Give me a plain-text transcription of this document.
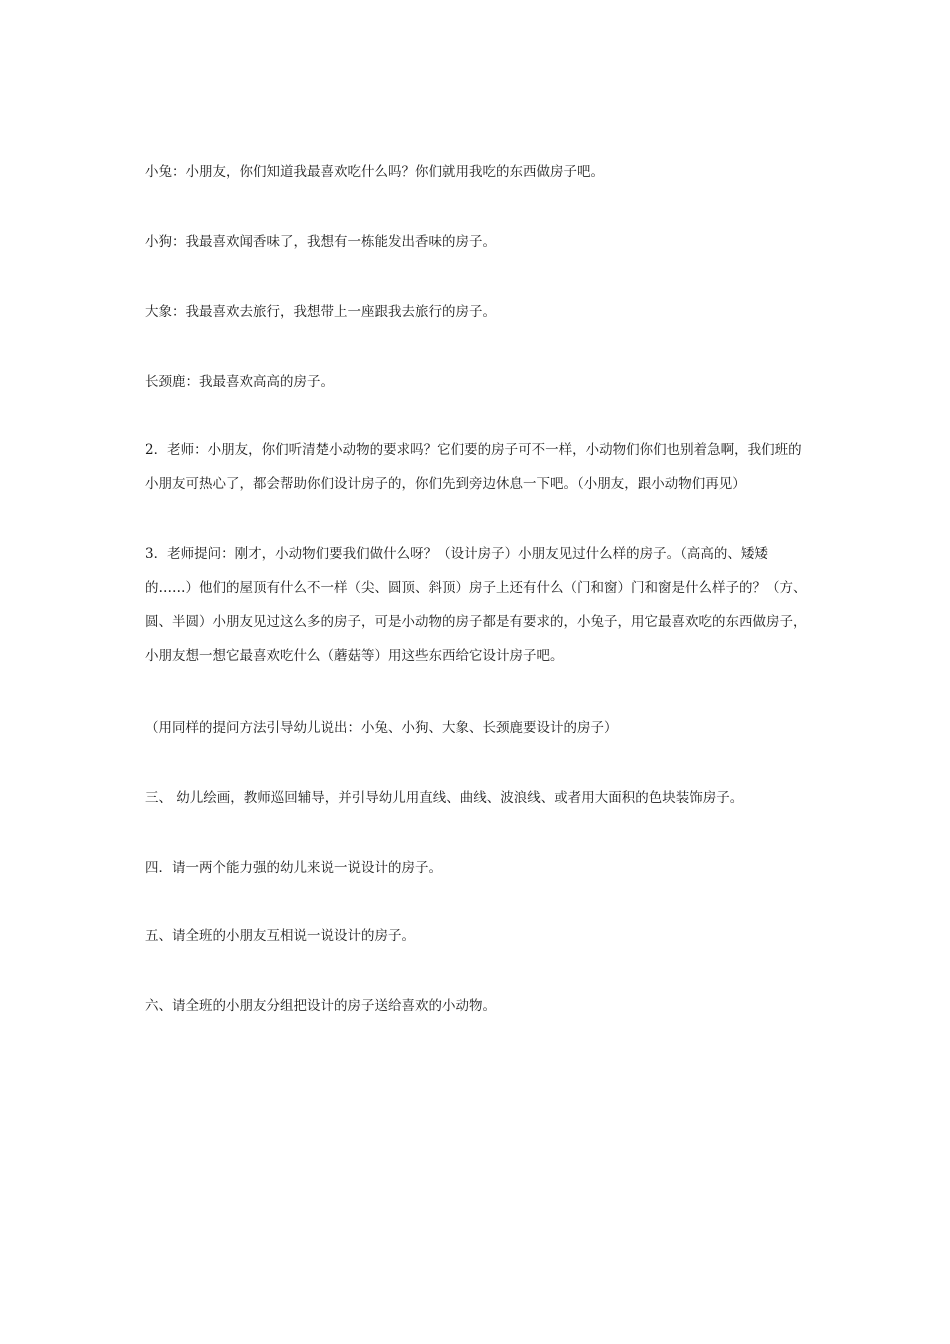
小兔：小朋友，你们知道我最喜欢吃什么吗？你们就用我吃的东西做房子吧。

小狗：我最喜欢闻香味了，我想有一栋能发出香味的房子。

大象：我最喜欢去旅行，我想带上一座跟我去旅行的房子。

长颈鹿：我最喜欢高高的房子。

2．老师：小朋友，你们听清楚小动物的要求吗？它们要的房子可不一样，小动物们你们也别着急啊，我们班的小朋友可热心了，都会帮助你们设计房子的，你们先到旁边休息一下吧。（小朋友，跟小动物们再见）

3．老师提问：刚才，小动物们要我们做什么呀？（设计房子）小朋友见过什么样的房子。（高高的、矮矮的……）他们的屋顶有什么不一样（尖、圆顶、斜顶）房子上还有什么（门和窗）门和窗是什么样子的？（方、圆、半圆）小朋友见过这么多的房子，可是小动物的房子都是有要求的，小兔子，用它最喜欢吃的东西做房子，小朋友想一想它最喜欢吃什么（蘑菇等）用这些东西给它设计房子吧。

（用同样的提问方法引导幼儿说出：小兔、小狗、大象、长颈鹿要设计的房子）

三、 幼儿绘画，教师巡回辅导，并引导幼儿用直线、曲线、波浪线、或者用大面积的色块装饰房子。

四．请一两个能力强的幼儿来说一说设计的房子。

五、请全班的小朋友互相说一说设计的房子。

六、请全班的小朋友分组把设计的房子送给喜欢的小动物。
